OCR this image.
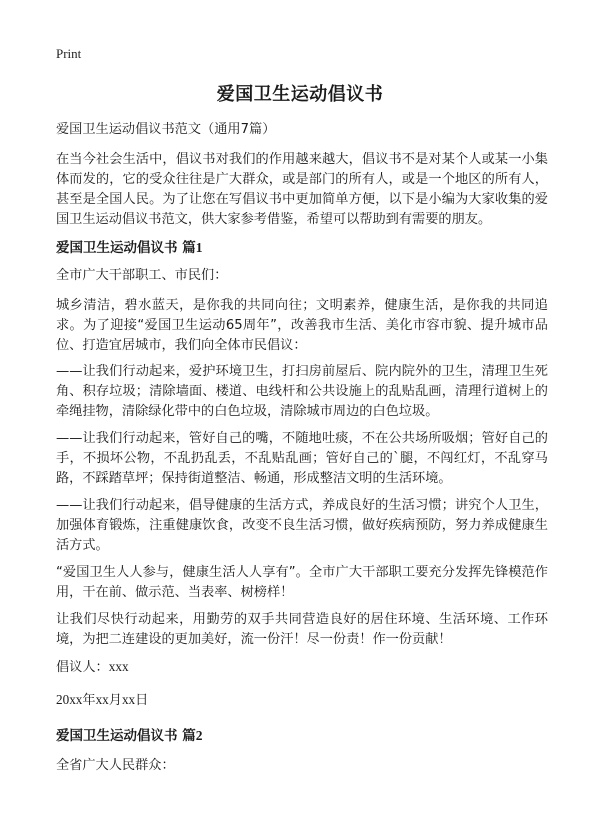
Print
爱国卫生运动倡议书
爱国卫生运动倡议书范文（通用7篇）
在当今社会生活中，倡议书对我们的作用越来越大，倡议书不是对某个人或某一小集体而发的，它的受众往往是广大群众，或是部门的所有人，或是一个地区的所有人，甚至是全国人民。为了让您在写倡议书中更加简单方便，以下是小编为大家收集的爱国卫生运动倡议书范文，供大家参考借鉴，希望可以帮助到有需要的朋友。
爱国卫生运动倡议书 篇1
全市广大干部职工、市民们：
城乡清洁，碧水蓝天，是你我的共同向往；文明素养，健康生活，是你我的共同追求。为了迎接“爱国卫生运动65周年”，改善我市生活、美化市容市貌、提升城市品位、打造宜居城市，我们向全体市民倡议：
——让我们行动起来，爱护环境卫生，打扫房前屋后、院内院外的卫生，清理卫生死角、积存垃圾；清除墙面、楼道、电线杆和公共设施上的乱贴乱画，清理行道树上的牵绳挂物，清除绿化带中的白色垃圾，清除城市周边的白色垃圾。
——让我们行动起来，管好自己的嘴，不随地吐痰，不在公共场所吸烟；管好自己的手，不损坏公物，不乱扔乱丢，不乱贴乱画；管好自己的`腿，不闯红灯，不乱穿马路，不踩踏草坪；保持街道整洁、畅通，形成整洁文明的生活环境。
——让我们行动起来，倡导健康的生活方式，养成良好的生活习惯；讲究个人卫生，加强体育锻炼，注重健康饮食，改变不良生活习惯，做好疾病预防，努力养成健康生活方式。
“爱国卫生人人参与，健康生活人人享有”。全市广大干部职工要充分发挥先锋模范作用，干在前、做示范、当表率、树榜样！
让我们尽快行动起来，用勤劳的双手共同营造良好的居住环境、生活环境、工作环境，为把二连建设的更加美好，流一份汗！尽一份责！作一份贡献！
倡议人：xxx
20xx年xx月xx日
爱国卫生运动倡议书 篇2
全省广大人民群众：
